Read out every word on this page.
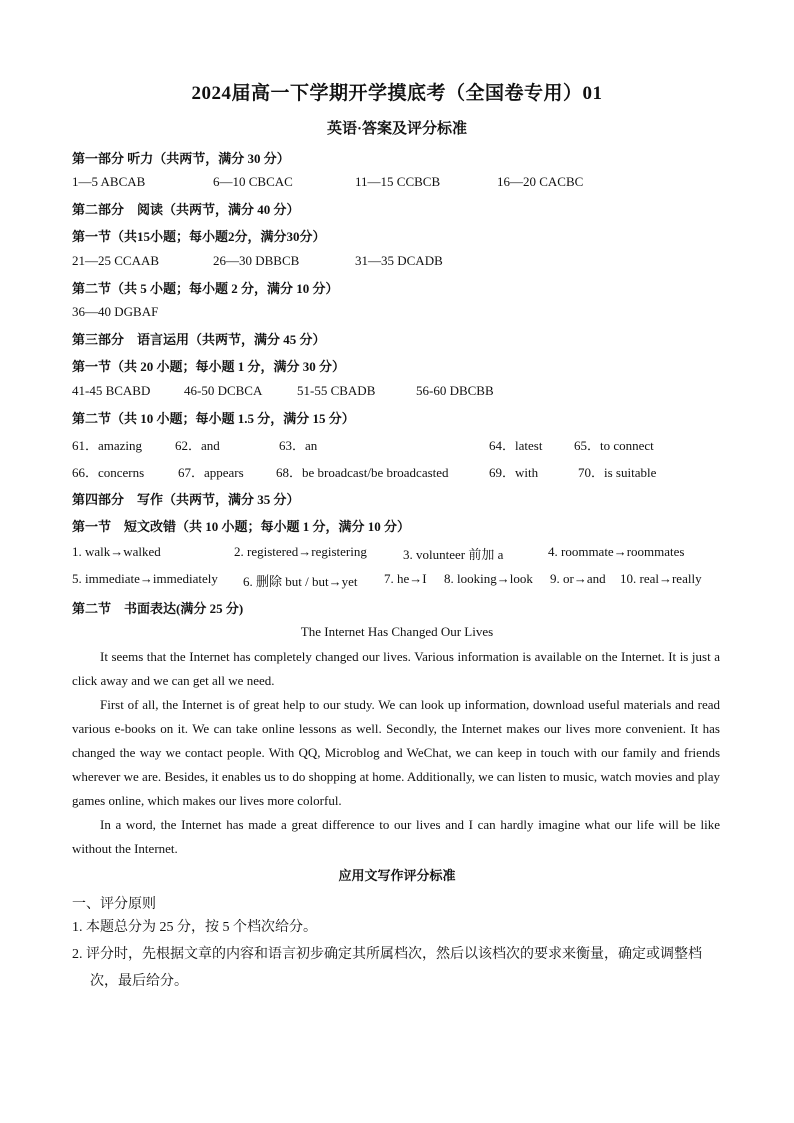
2024届高一下学期开学摸底考（全国卷专用）01
英语·答案及评分标准
第一部分 听力（共两节，满分 30 分）
1—5 ABCAB	6—10 CBCAC	11—15 CCBCB	16—20 CACBC
第二部分　阅读（共两节，满分 40 分）
第一节（共15小题；每小题2分，满分30分）
21—25 CCAAB	26—30 DBBCB	31—35 DCADB
第二节（共 5 小题；每小题 2 分，满分 10 分）
36—40 DGBAF
第三部分　语言运用（共两节，满分 45 分）
第一节（共 20 小题；每小题 1 分，满分 30 分）
41-45 BCABD	46-50 DCBCA	51-55 CBADB	56-60 DBCBB
第二节（共 10 小题；每小题 1.5 分，满分 15 分）
61．amazing	62．and	63．an	64．latest 65．to connect
66．concerns	67．appears 68．be broadcast/be broadcasted	69．with	70．is suitable
第四部分　写作（共两节，满分 35 分）
第一节　短文改错（共 10 小题；每小题 1 分，满分 10 分）
1. walk→walked	2. registered→registering	3. volunteer 前加 a	4. roommate→roommates
5. immediate→immediately 6. 删除 but / but→yet 7. he→I 8. looking→look 9. or→and 10. real→really
第二节　书面表达(满分 25 分)
The Internet Has Changed Our Lives

It seems that the Internet has completely changed our lives. Various information is available on the Internet. It is just a click away and we can get all we need.

First of all, the Internet is of great help to our study. We can look up information, download useful materials and read various e-books on it. We can take online lessons as well. Secondly, the Internet makes our lives more convenient. It has changed the way we contact people. With QQ, Microblog and WeChat, we can keep in touch with our family and friends wherever we are. Besides, it enables us to do shopping at home. Additionally, we can listen to music, watch movies and play games online, which makes our lives more colorful.

In a word, the Internet has made a great difference to our lives and I can hardly imagine what our life will be like without the Internet.

应用文写作评分标准
一、评分原则
1. 本题总分为 25 分，按 5 个档次给分。
2. 评分时，先根据文章的内容和语言初步确定其所属档次，然后以该档次的要求来衡量，确定或调整档次，最后给分。
